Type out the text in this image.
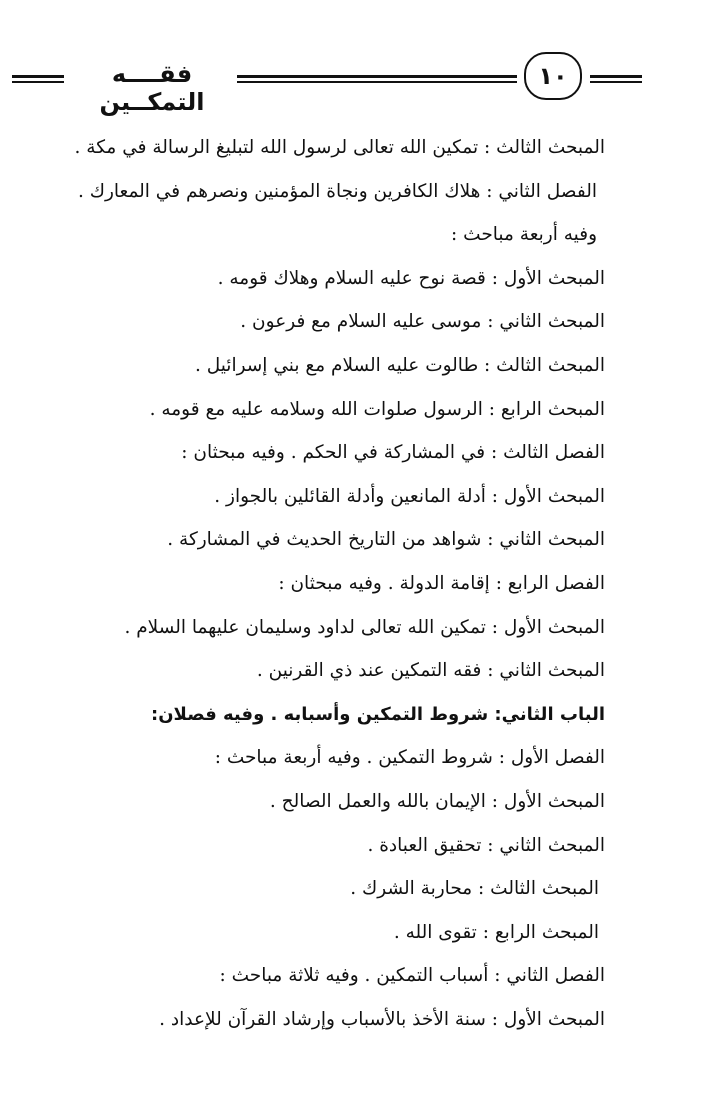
فقــــه التمكــين
١٠
المبحث الثالث : تمكين الله تعالى لرسول الله لتبليغ الرسالة في مكة .
الفصل الثاني : هلاك الكافرين ونجاة المؤمنين ونصرهم في المعارك .
وفيه أربعة مباحث :
المبحث الأول : قصة نوح عليه السلام وهلاك قومه .
المبحث الثاني : موسى عليه السلام مع فرعون .
المبحث الثالث : طالوت عليه السلام مع بني إسرائيل .
المبحث الرابع : الرسول صلوات الله وسلامه عليه مع قومه .
الفصل الثالث : في المشاركة في الحكم . وفيه مبحثان :
المبحث الأول : أدلة المانعين وأدلة القائلين بالجواز .
المبحث الثاني : شواهد من التاريخ الحديث في المشاركة .
الفصل الرابع : إقامة الدولة . وفيه مبحثان :
المبحث الأول : تمكين الله تعالى لداود وسليمان عليهما السلام .
المبحث الثاني : فقه التمكين عند ذي القرنين .
الباب الثاني: شروط التمكين وأسبابه . وفيه فصلان:
الفصل الأول : شروط التمكين . وفيه أربعة مباحث :
المبحث الأول : الإيمان بالله والعمل الصالح .
المبحث الثاني : تحقيق العبادة .
المبحث الثالث : محاربة الشرك .
المبحث الرابع : تقوى الله .
الفصل الثاني : أسباب التمكين . وفيه ثلاثة مباحث :
المبحث الأول : سنة الأخذ بالأسباب وإرشاد القرآن للإعداد .
